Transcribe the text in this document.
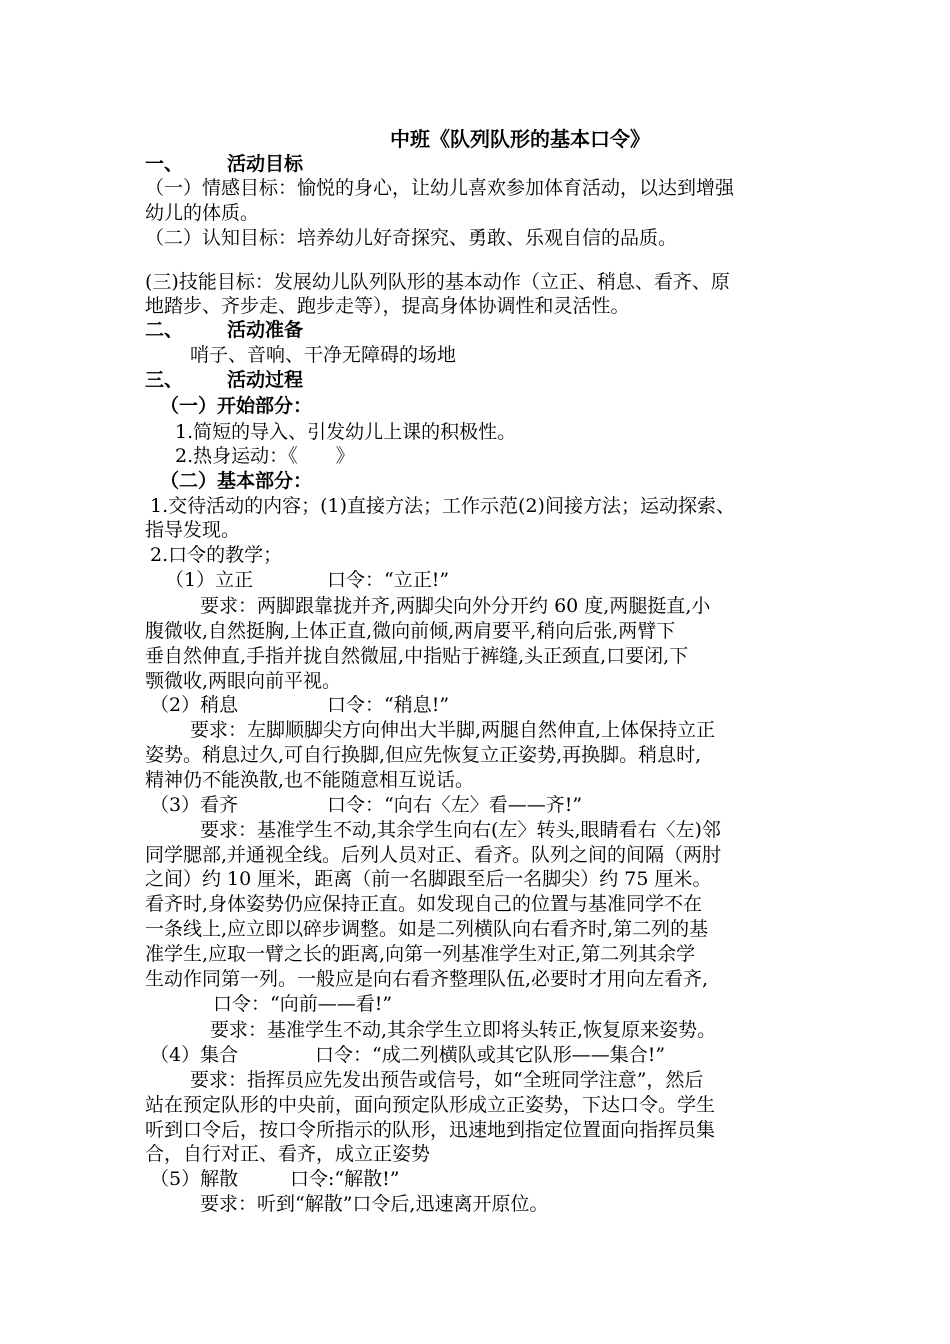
中班《队列队形的基本口令》
一、 活动目标
（一）情感目标：愉悦的身心，让幼儿喜欢参加体育活动，以达到增强
幼儿的体质。
（二）认知目标：培养幼儿好奇探究、勇敢、乐观自信的品质。
(三)技能目标：发展幼儿队列队形的基本动作（立正、稍息、看齐、原
地踏步、齐步走、跑步走等），提高身体协调性和灵活性。
二、 活动准备
哨子、音响、干净无障碍的场地
三、 活动过程
（一）开始部分：
1.简短的导入、引发幼儿上课的积极性。
2.热身运动：《　　》
（二）基本部分：
1.交待活动的内容；(1)直接方法；工作示范(2)间接方法；运动探索、
指导发现。
2.口令的教学；
（1）立正	口令：“立正!”
要求：两脚跟靠拢并齐,两脚尖向外分开约 60 度,两腿挺直,小
腹微收,自然挺胸,上体正直,微向前倾,两肩要平,稍向后张,两臂下
垂自然伸直,手指并拢自然微屈,中指贴于裤缝,头正颈直,口要闭,下
颚微收,两眼向前平视。
（2）稍息	口令：“稍息!”
要求：左脚顺脚尖方向伸出大半脚,两腿自然伸直,上体保持立正
姿势。稍息过久,可自行换脚,但应先恢复立正姿势,再换脚。稍息时,
精神仍不能涣散,也不能随意相互说话。
（3）看齐	口令：“向右〈左〉看——齐!”
要求：基准学生不动,其余学生向右(左〉转头,眼睛看右〈左)邻
同学腮部,并通视全线。后列人员对正、看齐。队列之间的间隔（两肘
之间）约 10 厘米，距离（前一名脚跟至后一名脚尖）约 75 厘米。
看齐时,身体姿势仍应保持正直。如发现自己的位置与基准同学不在
一条线上,应立即以碎步调整。如是二列横队向右看齐时,第二列的基
准学生,应取一臂之长的距离,向第一列基准学生对正,第二列其余学
生动作同第一列。一般应是向右看齐整理队伍,必要时才用向左看齐,
口令：“向前——看!”
要求：基准学生不动,其余学生立即将头转正,恢复原来姿势。
（4）集合	口令：“成二列横队或其它队形——集合!”
要求：指挥员应先发出预告或信号，如“全班同学注意”，然后
站在预定队形的中央前，面向预定队形成立正姿势，下达口令。学生
听到口令后，按口令所指示的队形，迅速地到指定位置面向指挥员集
合，自行对正、看齐，成立正姿势
（5）解散	口令:“解散!”
要求：听到“解散”口令后,迅速离开原位。
